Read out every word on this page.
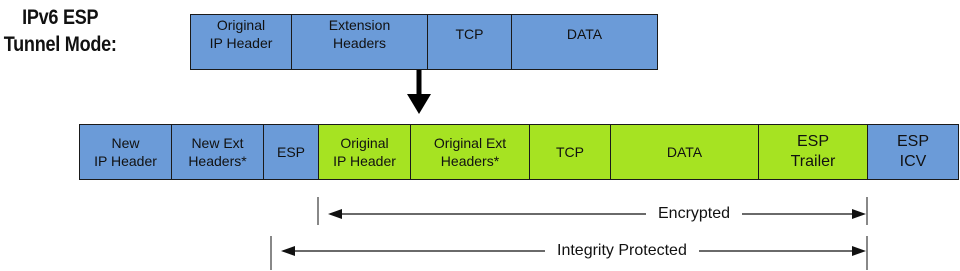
IPv6 ESP
Tunnel Mode:
Original
IP Header
Extension
Headers
TCP	DATA
New
IP Header
New Ext
Headers*
ESP
Original
IP Header
Original Ext
Headers*
TCP	DATA
ESP
Trailer
ESP
ICV
Encrypted
Integrity Protected
